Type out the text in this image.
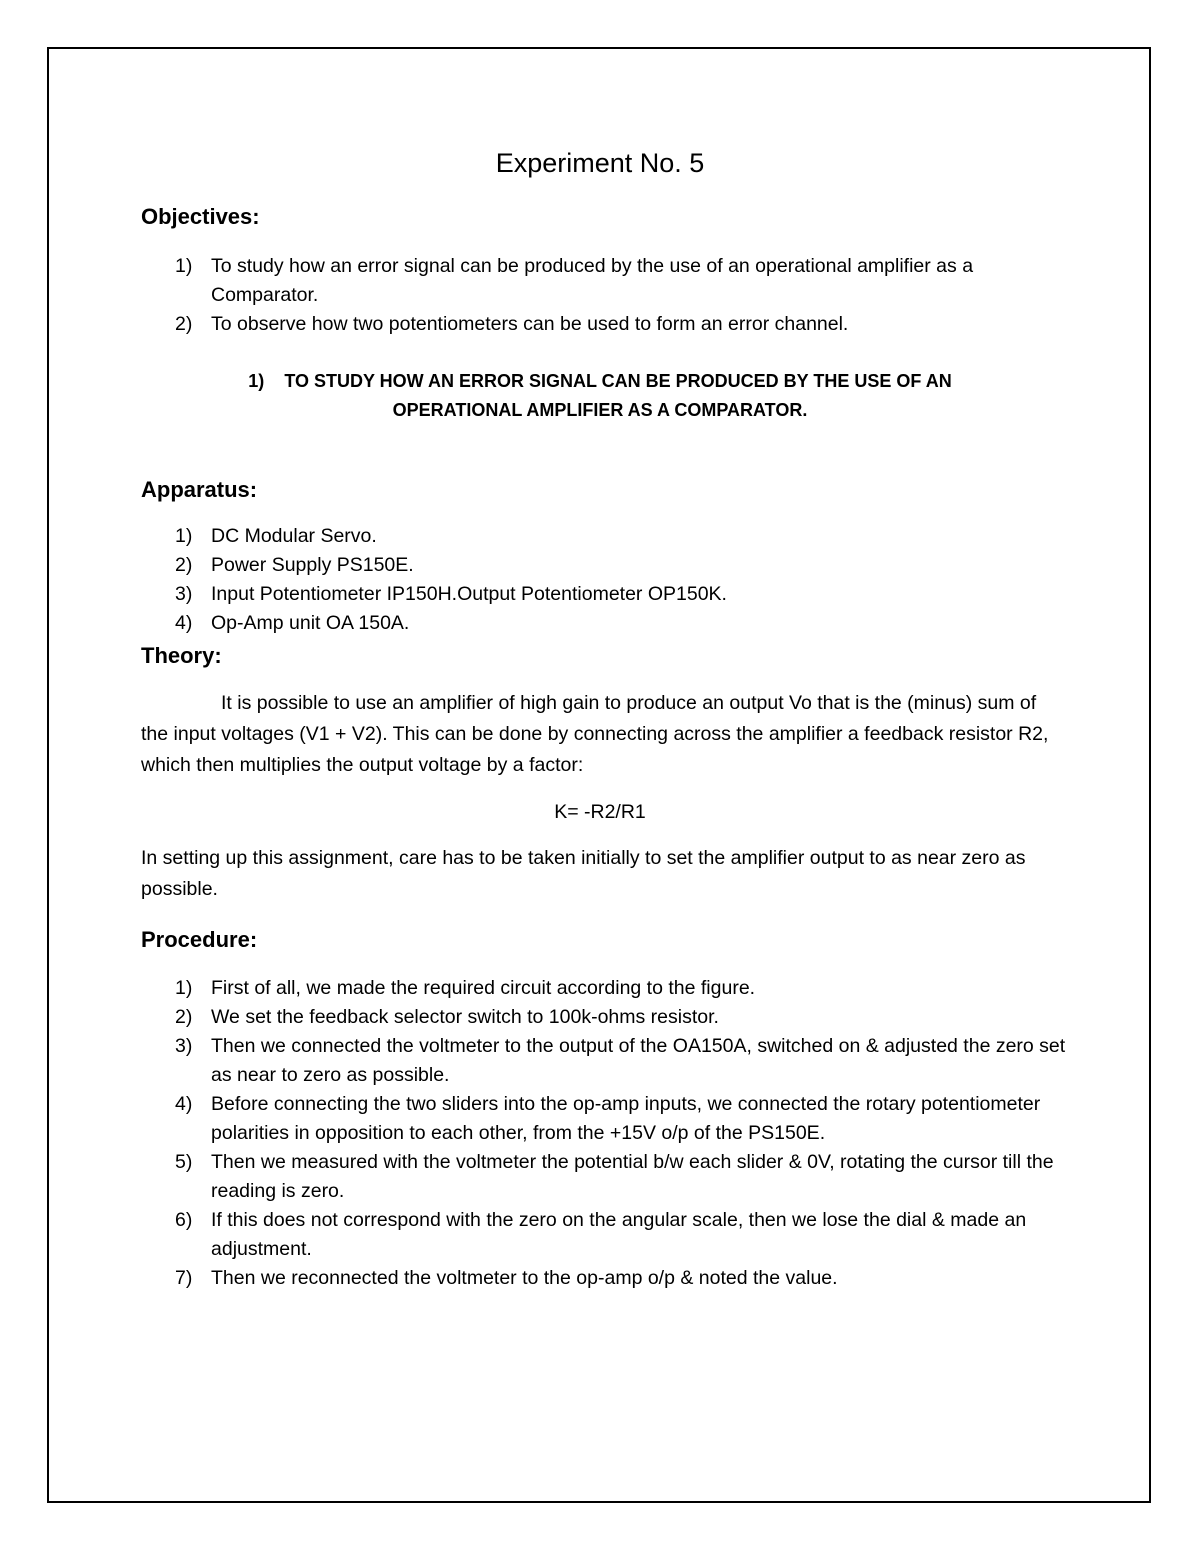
Experiment No. 5
Objectives:
1) To study how an error signal can be produced by the use of an operational amplifier as a Comparator.
2) To observe how two potentiometers can be used to form an error channel.
1) TO STUDY HOW AN ERROR SIGNAL CAN BE PRODUCED BY THE USE OF AN
OPERATIONAL AMPLIFIER AS A COMPARATOR.
Apparatus:
1) DC Modular Servo.
2) Power Supply PS150E.
3) Input Potentiometer IP150H.Output Potentiometer OP150K.
4) Op-Amp unit OA 150A.
Theory:

It is possible to use an amplifier of high gain to produce an output Vo that is the (minus) sum of the input voltages (V1 + V2). This can be done by connecting across the amplifier a feedback resistor R2, which then multiplies the output voltage by a factor:

K= -R2/R1

In setting up this assignment, care has to be taken initially to set the amplifier output to as near zero as possible.

Procedure:
1) First of all, we made the required circuit according to the figure.
2) We set the feedback selector switch to 100k-ohms resistor.
3) Then we connected the voltmeter to the output of the OA150A, switched on & adjusted the zero set as near to zero as possible.
4) Before connecting the two sliders into the op-amp inputs, we connected the rotary potentiometer polarities in opposition to each other, from the +15V o/p of the PS150E.
5) Then we measured with the voltmeter the potential b/w each slider & 0V, rotating the cursor till the reading is zero.
6) If this does not correspond with the zero on the angular scale, then we lose the dial & made an adjustment.
7) Then we reconnected the voltmeter to the op-amp o/p & noted the value.
